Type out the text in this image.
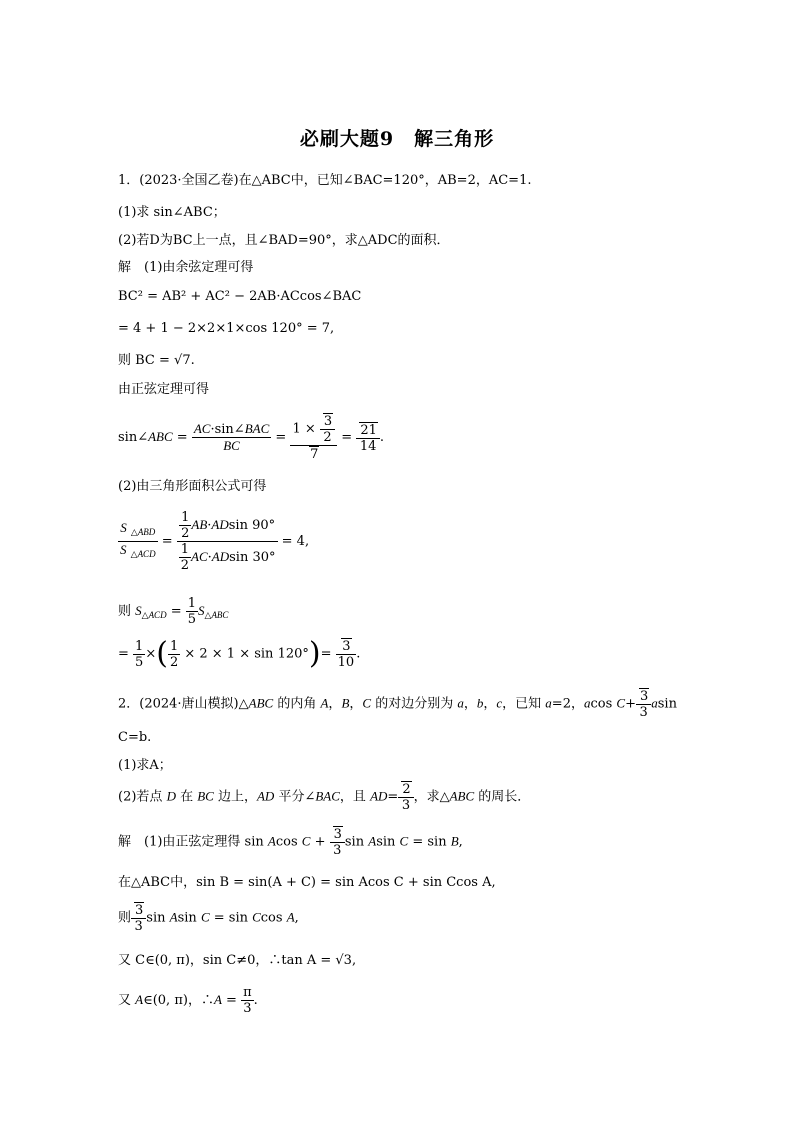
必刷大题9　解三角形
1．(2023·全国乙卷)在△ABC中，已知∠BAC=120°，AB=2，AC=1.
(1)求 sin∠ABC；
(2)若D为BC上一点，且∠BAD=90°，求△ADC的面积．
解　(1)由余弦定理可得
BC² = AB² + AC² − 2AB·ACcos∠BAC
= 4 + 1 − 2×2×1×cos 120° = 7,
则 BC = √7.
由正弦定理可得
sin∠ABC = $\frac{\text{AC·sin∠BAC}}{BC} = \frac{1 \times \frac{3}{2}}{7} = \frac{21}{14}$ .
(2)由三角形面积公式可得
$\frac{S _{\triangle ABD}}{S _{\triangle ACD}} = \frac{\frac{1}{2} AB\cdot ADsin 90^\circ}{\frac{1}{2} AC\cdot ADsin 30^\circ} = 4$,
则 $S_{\triangle ACD} = \frac{1}{5} S_{\triangle ABC}$
= $\frac{1}{5}$ ×( $\frac{1}{2} \times 2 \times 1 \times \sin 120^\circ)= \frac{3}{10}$ .
2．(2024·唐山模拟)△ABC 的内角 A，B，C 的对边分别为 a，b，c，已知 a=2，acos $C+ \frac{3}{3}$ asin
C=b.
(1)求A；
(2)若点 D 在 BC 边上，AD 平分∠BAC，且 $AD= \frac{2}{3}$ ，求△ABC 的周长．
解　(1)由正弦定理得 sin Acos $C + \frac{3}{3}$ sin Asin C = sin B,
在△ABC中，sin B = sin(A + C) = sin Acos C + sin Ccos A,
则 $\frac{3}{3}$ sin Asin C = sin Ccos A,
又 C∈(0, π)，sin C≠0，∴tan A = √3,
又 A∈(0, π)，∴A = $\frac{\pi}{3}$ .
